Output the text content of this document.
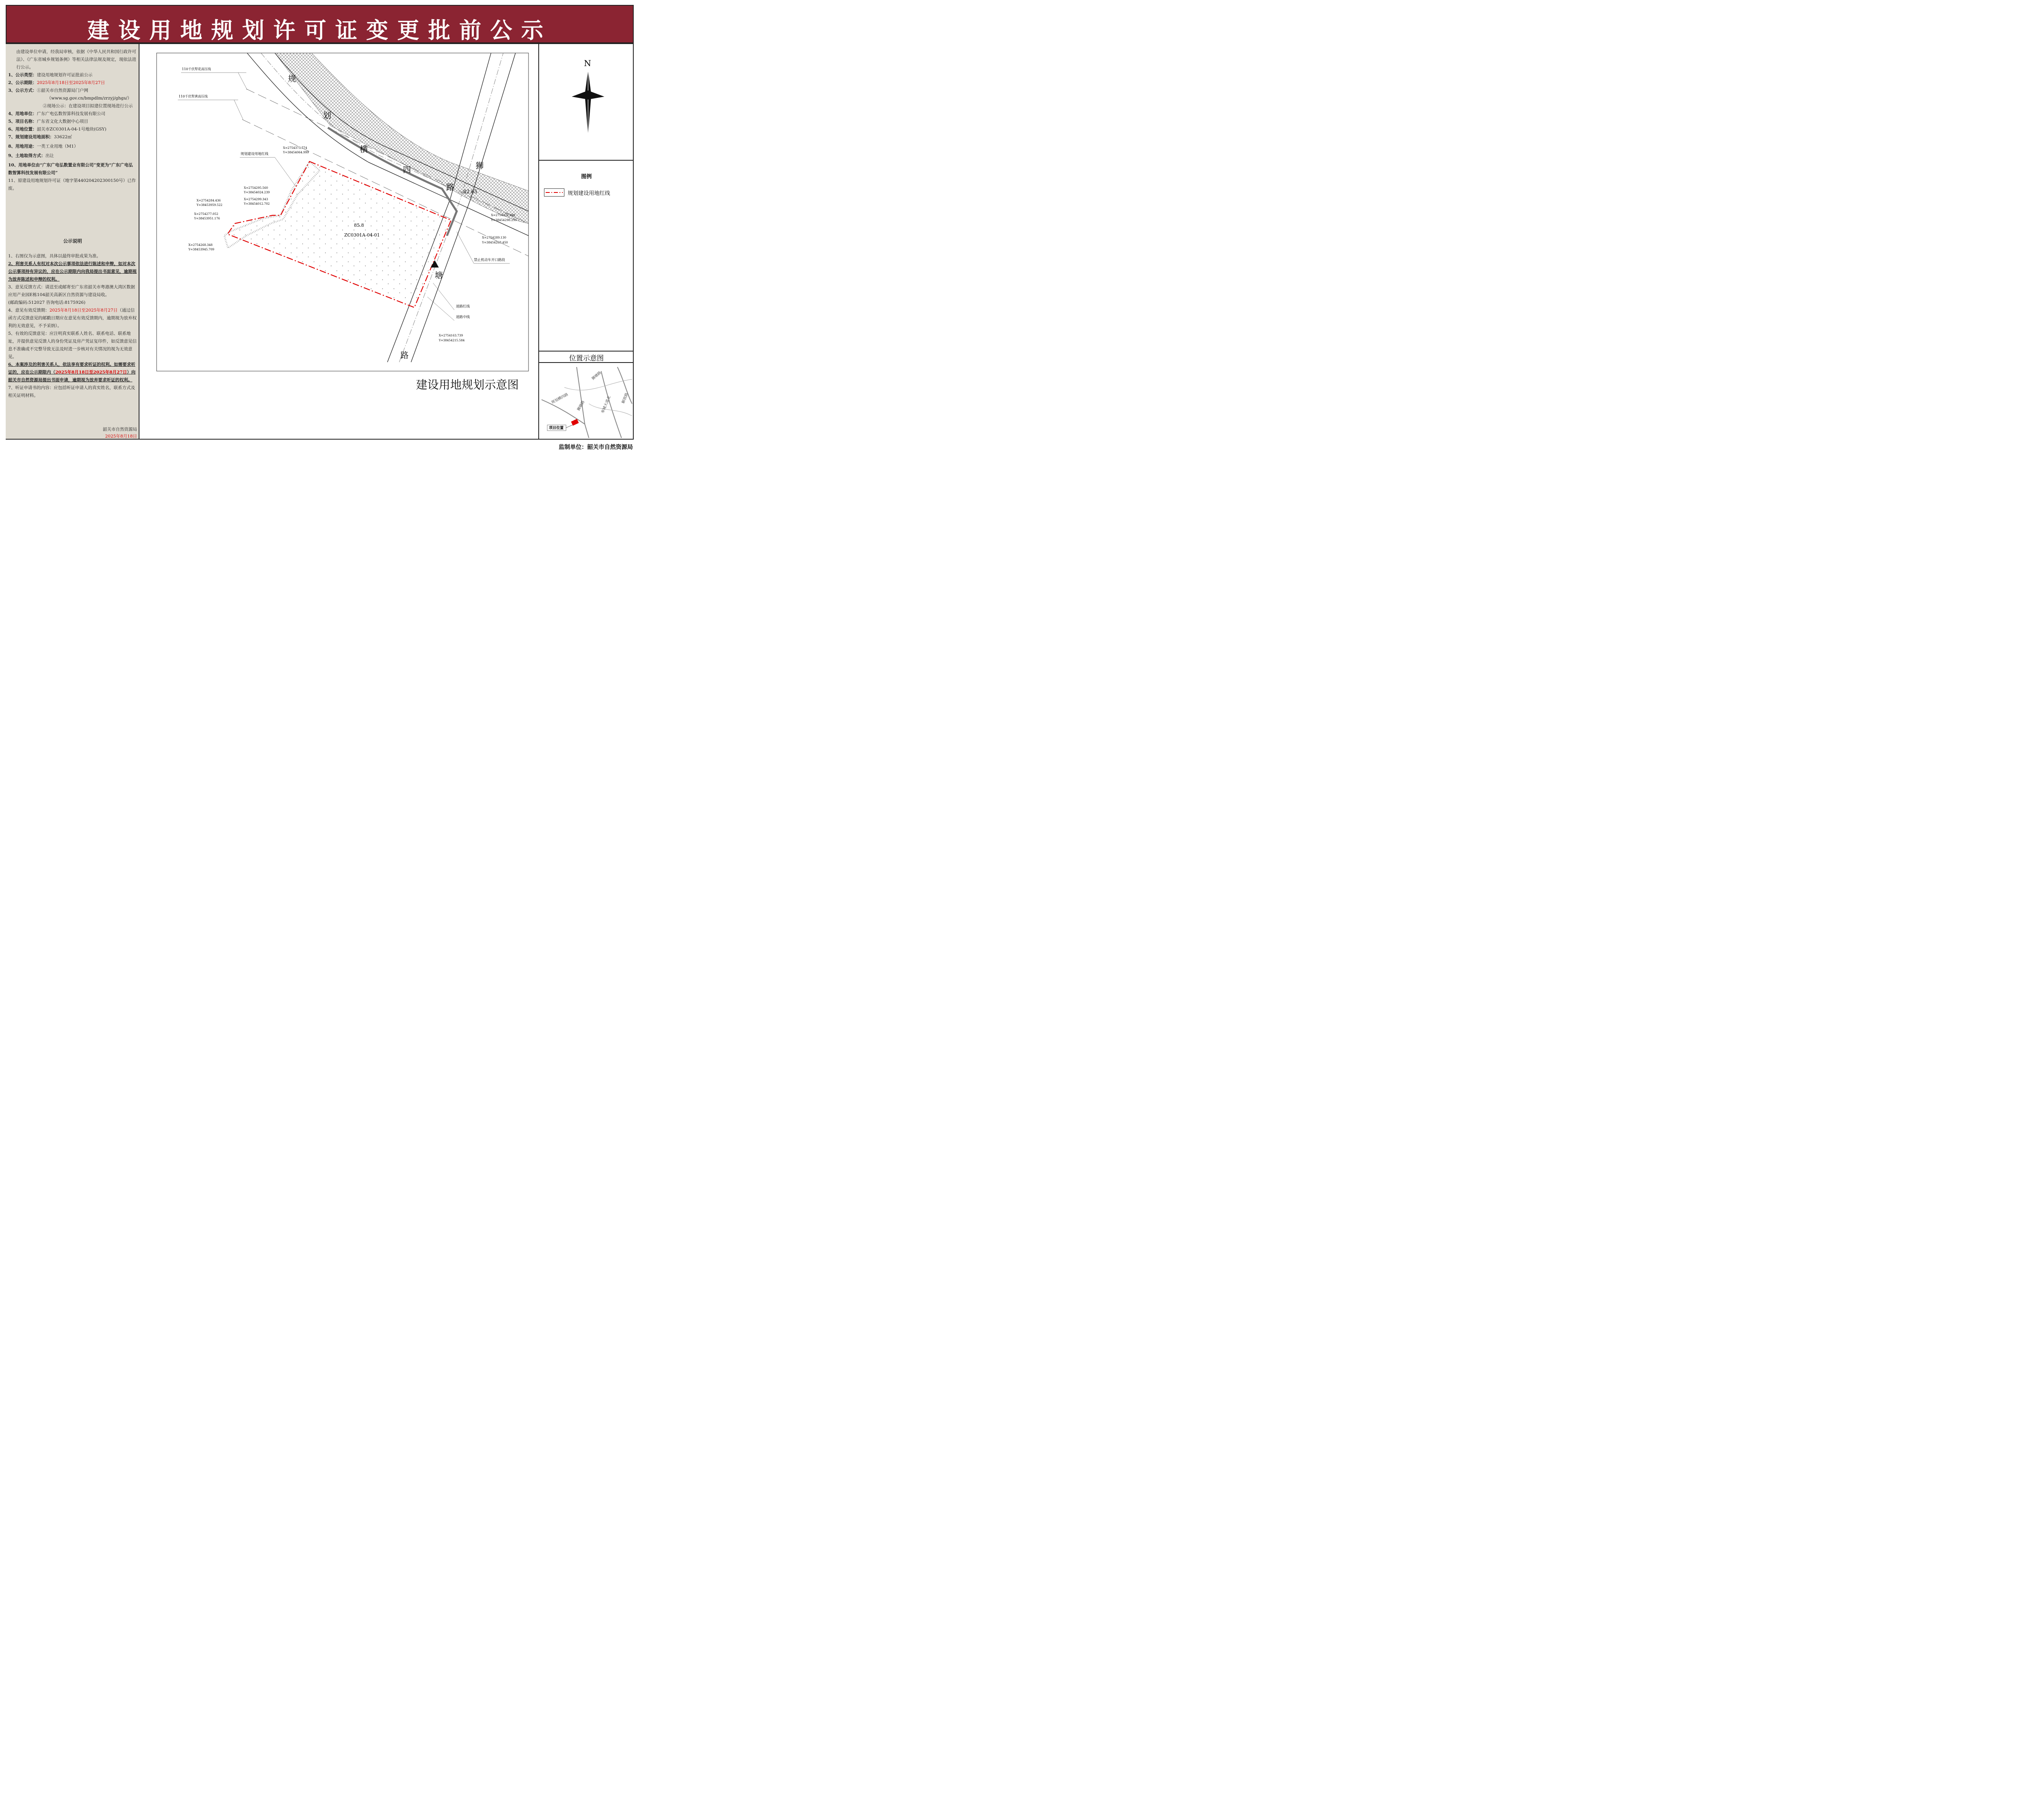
建设用地规划许可证变更批前公示

由建设单位申请，经我局审核，依据《中华人民共和国行政许可法》、《广东省城乡规划条例》等相关法律法规及规定，现依法进行公示。

1、公示类型：建设用地规划许可证批前公示

2、公示期限：2025年8月18日至2025年8月27日

3、公示方式：①韶关市自然资源局门户网

（www.sg.gov.cn/bmpdlm/zrzyj/ghgs/）

②现场公示：在建设项目拟建位置现场进行公示

4、用地单位：广东广电弘数智算科技发展有限公司

5、项目名称：广东省文化大数据中心项目

6、用地位置：韶关市ZC0301A-04-1号地块(GSY)

7、规划建设用地面积：33622㎡

8、用地用途：一类工业用地（M1）

9、土地取得方式：出让

10、用地单位由“广东广电弘数置业有限公司”变更为“广东广电弘数智算科技发展有限公司”

11、原建设用地规划许可证（地字第440204202300150号）已作废。

公示说明

1、右图仅为示意图，具体以最终审批成果为准。

2、利害关系人有权对本次公示事项依法进行陈述和申辩，如对本次公示事项持有异议的，应在公示期限内向我局提出书面意见，逾期视为放弃陈述和申辩的权利。

3、意见反馈方式：请送至或邮寄至广东省韶关市粤港澳大湾区数据应用产业园E栋104韶关高新区自然资源与建设局收。

(邮政编码:512027 咨询电话:8175926)

4、意见有效反馈期：2025年8月18日至2025年8月27日（通过信函方式反馈意见的邮戳日期应在意见有效反馈期内，逾期视为放弃权利的无效意见，不予采纳）。

5、有效的反馈意见：应注明真实联系人姓名、联系电话、联系地址，并提供意见反馈人的身份凭证及房产凭证复印件，如反馈意见信息不准确或不完整导致无法及时进一步核对有关情况的视为无效意见。

6、本案涉及的利害关系人，依法享有要求听证的权利。如需要求听证的，应在公示期限内（2025年8月18日至2025年8月27日）向韶关市自然资源局提出书面申请，逾期视为放弃要求听证的权利。

7、听证申请书的内容：应包括听证申请人的真实姓名，联系方式及相关证明材料。

韶关市自然资源局

2025年8月18日

规
划
横
四
路
狮
塘
路
110千伏犁花高压线
110千伏犁黄高压线
规划建设用地红线
82.65
85.8
ZC0301A-04-01
X=2754373.774
Y=38454064.999
X=2754295.560
Y=38454024.239
X=2754299.343
Y=38454012.702
X=2754284.436
Y=38453959.522
X=2754277.052
Y=38453951.176
X=2754268.348
Y=38453945.709
X=2754322.399
Y=38454298.255
X=2754289.130
Y=38454268.450
X=2754163.739
Y=38454215.584
禁止机动车开口路段
道路红线
道路中线
建设用地规划示意图
N
图例
规划建设用地红线
位置示意图
规划横四路
狮塘路
狮塘路
奉城大道北	解放路
项目位置
监制单位：韶关市自然资源局
